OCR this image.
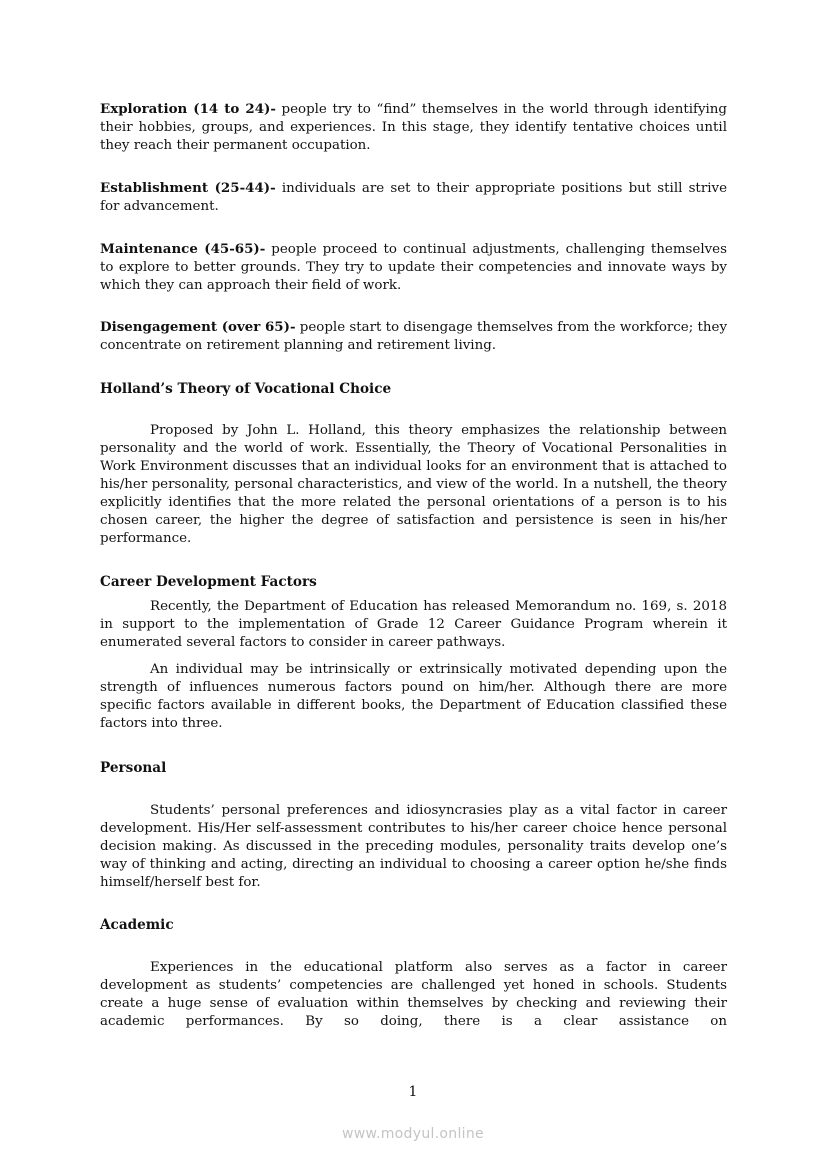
Exploration (14 to 24)- people try to “find” themselves in the world through identifying their hobbies, groups, and experiences. In this stage, they identify tentative choices until they reach their permanent occupation.

Establishment (25-44)- individuals are set to their appropriate positions but still strive for advancement.

Maintenance (45-65)- people proceed to continual adjustments, challenging themselves to explore to better grounds. They try to update their competencies and innovate ways by which they can approach their field of work.

Disengagement (over 65)- people start to disengage themselves from the workforce; they concentrate on retirement planning and retirement living.

Holland’s Theory of Vocational Choice

Proposed by John L. Holland, this theory emphasizes the relationship between personality and the world of work. Essentially, the Theory of Vocational Personalities in Work Environment discusses that an individual looks for an environment that is attached to his/her personality, personal characteristics, and view of the world. In a nutshell, the theory explicitly identifies that the more related the personal orientations of a person is to his chosen career, the higher the degree of satisfaction and persistence is seen in his/her performance.

Career Development Factors

Recently, the Department of Education has released Memorandum no. 169, s. 2018 in support to the implementation of Grade 12 Career Guidance Program wherein it enumerated several factors to consider in career pathways.

An individual may be intrinsically or extrinsically motivated depending upon the strength of influences numerous factors pound on him/her. Although there are more specific factors available in different books, the Department of Education classified these factors into three.

Personal

Students’ personal preferences and idiosyncrasies play as a vital factor in career development. His/Her self-assessment contributes to his/her career choice hence personal decision making. As discussed in the preceding modules, personality traits develop one’s way of thinking and acting, directing an individual to choosing a career option he/she finds himself/herself best for.

Academic

Experiences in the educational platform also serves as a factor in career development as students’ competencies are challenged yet honed in schools. Students create a huge sense of evaluation within themselves by checking and reviewing their academic performances. By so doing, there is a clear assistance on

1
www.modyul.online
